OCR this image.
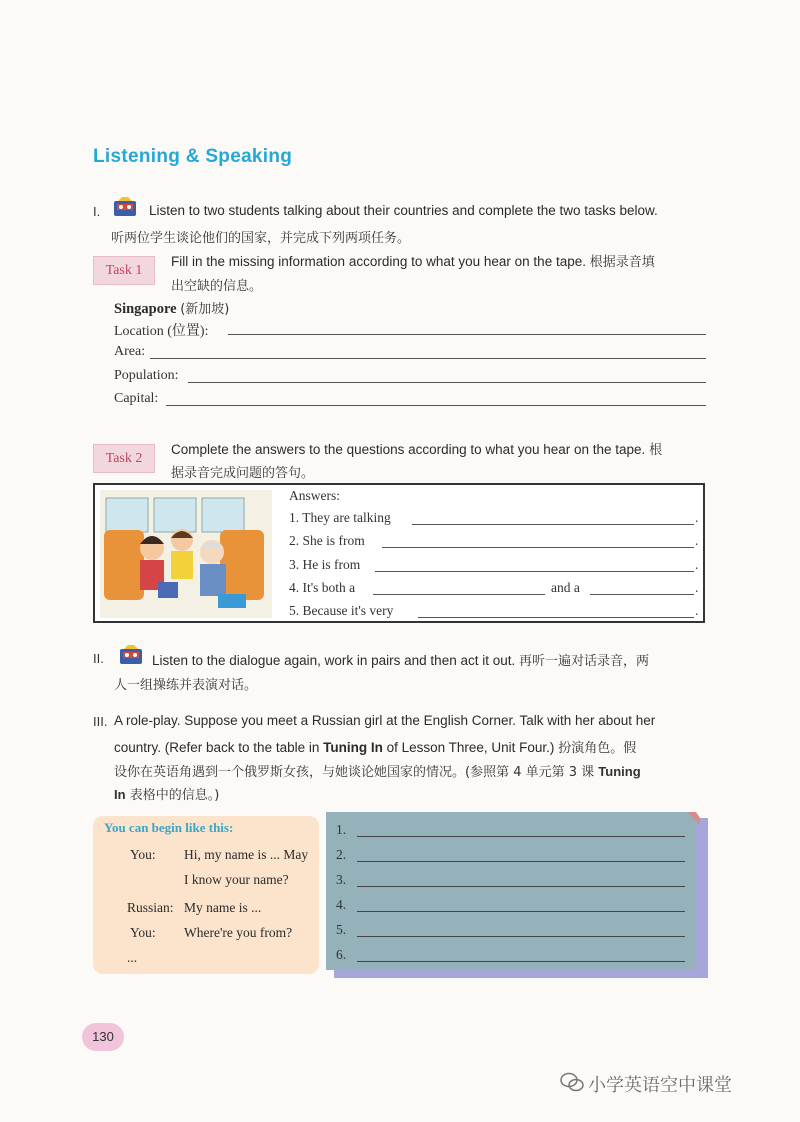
Listening & Speaking
I.	Listen to two students talking about their countries and complete the two tasks below.
听两位学生谈论他们的国家，并完成下列两项任务。
Task 1
Fill in the missing information according to what you hear on the tape. 根据录音填
出空缺的信息。
Singapore (新加坡)
Location (位置):
Area:
Population:
Capital:
Task 2
Complete the answers to the questions according to what you hear on the tape. 根
据录音完成问题的答句。
Answers:
1. They are talking	.
2. She is from	.
3. He is from	.
4. It's both a	and a	.
5. Because it's very	.
II.	Listen to the dialogue again, work in pairs and then act it out. 再听一遍对话录音，两
人一组操练并表演对话。
III. A role-play. Suppose you meet a Russian girl at the English Corner. Talk with her about her
country. (Refer back to the table in Tuning In of Lesson Three, Unit Four.) 扮演角色。假
设你在英语角遇到一个俄罗斯女孩，与她谈论她国家的情况。(参照第 4 单元第 3 课 Tuning
In 表格中的信息。)
You can begin like this:
You: Hi, my name is ... May
I know your name?
Russian: My name is ...
You: Where're you from?
...
1.
2.
3.
4.
5.
6.
130
小学英语空中课堂
